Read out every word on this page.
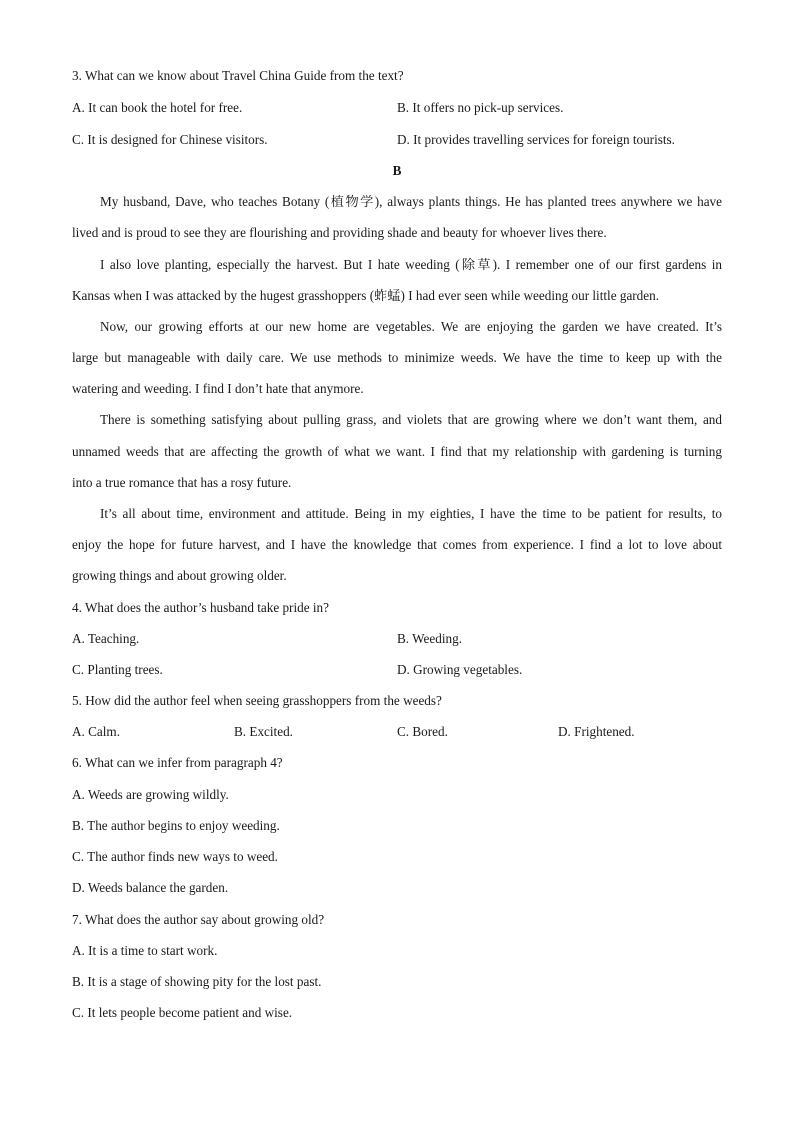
3. What can we know about Travel China Guide from the text?
A. It can book the hotel for free.	B. It offers no pick-up services.
C. It is designed for Chinese visitors.	D. It provides travelling services for foreign tourists.
B
My husband, Dave, who teaches Botany (植物学), always plants things. He has planted trees anywhere we have
lived and is proud to see they are flourishing and providing shade and beauty for whoever lives there.
I also love planting, especially the harvest. But I hate weeding (除草). I remember one of our first gardens in
Kansas when I was attacked by the hugest grasshoppers (蚱蜢) I had ever seen while weeding our little garden.
Now, our growing efforts at our new home are vegetables. We are enjoying the garden we have created. It’s
large but manageable with daily care. We use methods to minimize weeds. We have the time to keep up with the
watering and weeding. I find I don’t hate that anymore.
There is something satisfying about pulling grass, and violets that are growing where we don’t want them, and
unnamed weeds that are affecting the growth of what we want. I find that my relationship with gardening is turning
into a true romance that has a rosy future.
It’s all about time, environment and attitude. Being in my eighties, I have the time to be patient for results, to
enjoy the hope for future harvest, and I have the knowledge that comes from experience. I find a lot to love about
growing things and about growing older.
4. What does the author’s husband take pride in?
A. Teaching.	B. Weeding.
C. Planting trees.	D. Growing vegetables.
5. How did the author feel when seeing grasshoppers from the weeds?
A. Calm.	B. Excited.	C. Bored.	D. Frightened.
6. What can we infer from paragraph 4?
A. Weeds are growing wildly.
B. The author begins to enjoy weeding.
C. The author finds new ways to weed.
D. Weeds balance the garden.
7. What does the author say about growing old?
A. It is a time to start work.
B. It is a stage of showing pity for the lost past.
C. It lets people become patient and wise.
